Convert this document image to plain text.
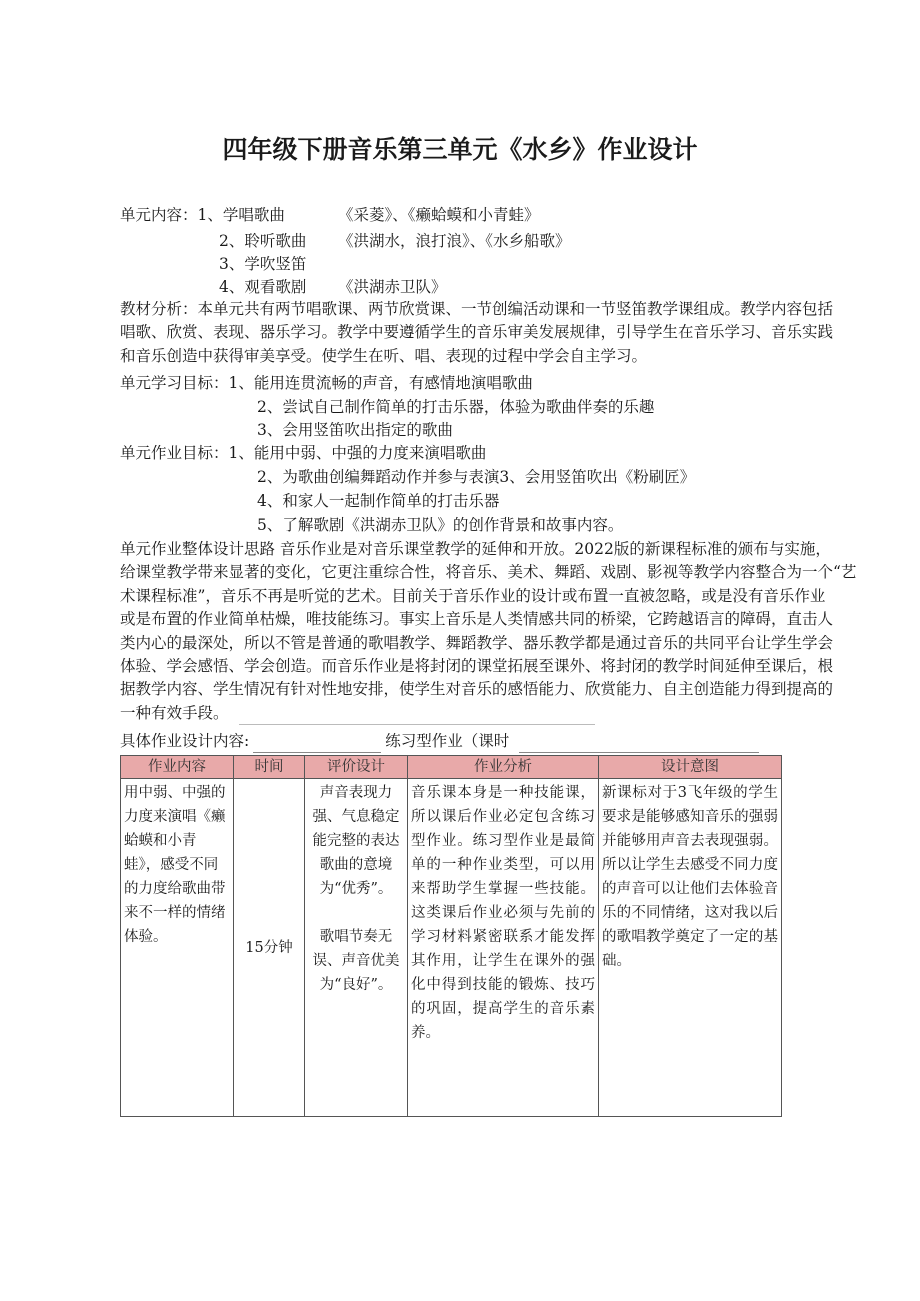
四年级下册音乐第三单元《水乡》作业设计
单元内容：1、学唱歌曲	《采菱》、《癞蛤蟆和小青蛙》
2、聆听歌曲 《洪湖水，浪打浪》、《水乡船歌》
3、学吹竖笛
4、观看歌剧 《洪湖赤卫队》
教材分析：本单元共有两节唱歌课、两节欣赏课、一节创编活动课和一节竖笛教学课组成。教学内容包括
唱歌、欣赏、表现、器乐学习。教学中要遵循学生的音乐审美发展规律，引导学生在音乐学习、音乐实践
和音乐创造中获得审美享受。使学生在听、唱、表现的过程中学会自主学习。
单元学习目标：1、能用连贯流畅的声音，有感情地演唱歌曲
2、尝试自己制作简单的打击乐器，体验为歌曲伴奏的乐趣
3、会用竖笛吹出指定的歌曲
单元作业目标：1、能用中弱、中强的力度来演唱歌曲
2、为歌曲创编舞蹈动作并参与表演3、会用竖笛吹出《粉刷匠》
4、和家人一起制作简单的打击乐器
5、了解歌剧《洪湖赤卫队》的创作背景和故事内容。
单元作业整体设计思路 音乐作业是对音乐课堂教学的延伸和开放。2022版的新课程标准的颁布与实施，
给课堂教学带来显著的变化，它更注重综合性，将音乐、美术、舞蹈、戏剧、影视等教学内容整合为一个“艺
术课程标准”，音乐不再是听觉的艺术。目前关于音乐作业的设计或布置一直被忽略，或是没有音乐作业
或是布置的作业简单枯燥，唯技能练习。事实上音乐是人类情感共同的桥梁，它跨越语言的障碍，直击人
类内心的最深处，所以不管是普通的歌唱教学、舞蹈教学、器乐教学都是通过音乐的共同平台让学生学会
体验、学会感悟、学会创造。而音乐作业是将封闭的课堂拓展至课外、将封闭的教学时间延伸至课后，根
据教学内容、学生情况有针对性地安排，使学生对音乐的感悟能力、欣赏能力、自主创造能力得到提高的
一种有效手段。
具体作业设计内容:	练习型作业（课时
作业内容	时间	评价设计	作业分析	设计意图
用中弱、中强的力度来演唱《癞蛤蟆和小青蛙》，感受不同的力度给歌曲带来不一样的情绪体验。	15分钟	声音表现力强、气息稳定能完整的表达歌曲的意境为“优秀”。
歌唱节奏无误、声音优美为“良好”。	音乐课本身是一种技能课，所以课后作业必定包含练习型作业。练习型作业是最简单的一种作业类型，可以用来帮助学生掌握一些技能。这类课后作业必须与先前的学习材料紧密联系才能发挥其作用，让学生在课外的强化中得到技能的锻炼、技巧的巩固，提高学生的音乐素养。	新课标对于3飞年级的学生要求是能够感知音乐的强弱并能够用声音去表现强弱。所以让学生去感受不同力度的声音可以让他们去体验音乐的不同情绪，这对我以后的歌唱教学奠定了一定的基础。
